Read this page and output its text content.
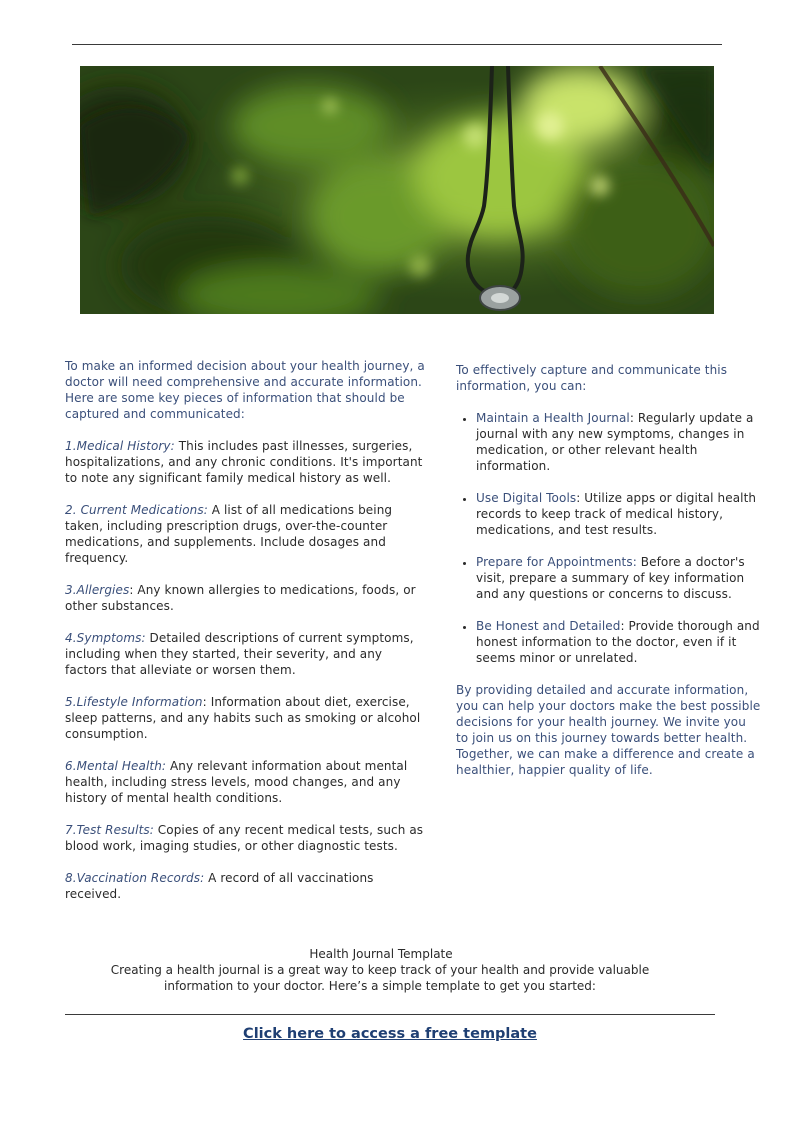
To make an informed decision about your health journey, a doctor will need comprehensive and accurate information. Here are some key pieces of information that should be captured and communicated:

1.Medical History: This includes past illnesses, surgeries, hospitalizations, and any chronic conditions. It's important to note any significant family medical history as well.

2. Current Medications: A list of all medications being taken, including prescription drugs, over-the-counter medications, and supplements. Include dosages and frequency.

3.Allergies: Any known allergies to medications, foods, or other substances.

4.Symptoms: Detailed descriptions of current symptoms, including when they started, their severity, and any factors that alleviate or worsen them.

5.Lifestyle Information: Information about diet, exercise, sleep patterns, and any habits such as smoking or alcohol consumption.

6.Mental Health: Any relevant information about mental health, including stress levels, mood changes, and any history of mental health conditions.

7.Test Results: Copies of any recent medical tests, such as blood work, imaging studies, or other diagnostic tests.

8.Vaccination Records: A record of all vaccinations received.

To effectively capture and communicate this information, you can:

• Maintain a Health Journal: Regularly update a journal with any new symptoms, changes in medication, or other relevant health information.
• Use Digital Tools: Utilize apps or digital health records to keep track of medical history, medications, and test results.
• Prepare for Appointments: Before a doctor's visit, prepare a summary of key information and any questions or concerns to discuss.
• Be Honest and Detailed: Provide thorough and honest information to the doctor, even if it seems minor or unrelated.

By providing detailed and accurate information, you can help your doctors make the best possible decisions for your health journey. We invite you to join us on this journey towards better health. Together, we can make a difference and create a healthier, happier quality of life.

Health Journal Template
Creating a health journal is a great way to keep track of your health and provide valuable information to your doctor. Here’s a simple template to get you started:
Click here to access a free template
